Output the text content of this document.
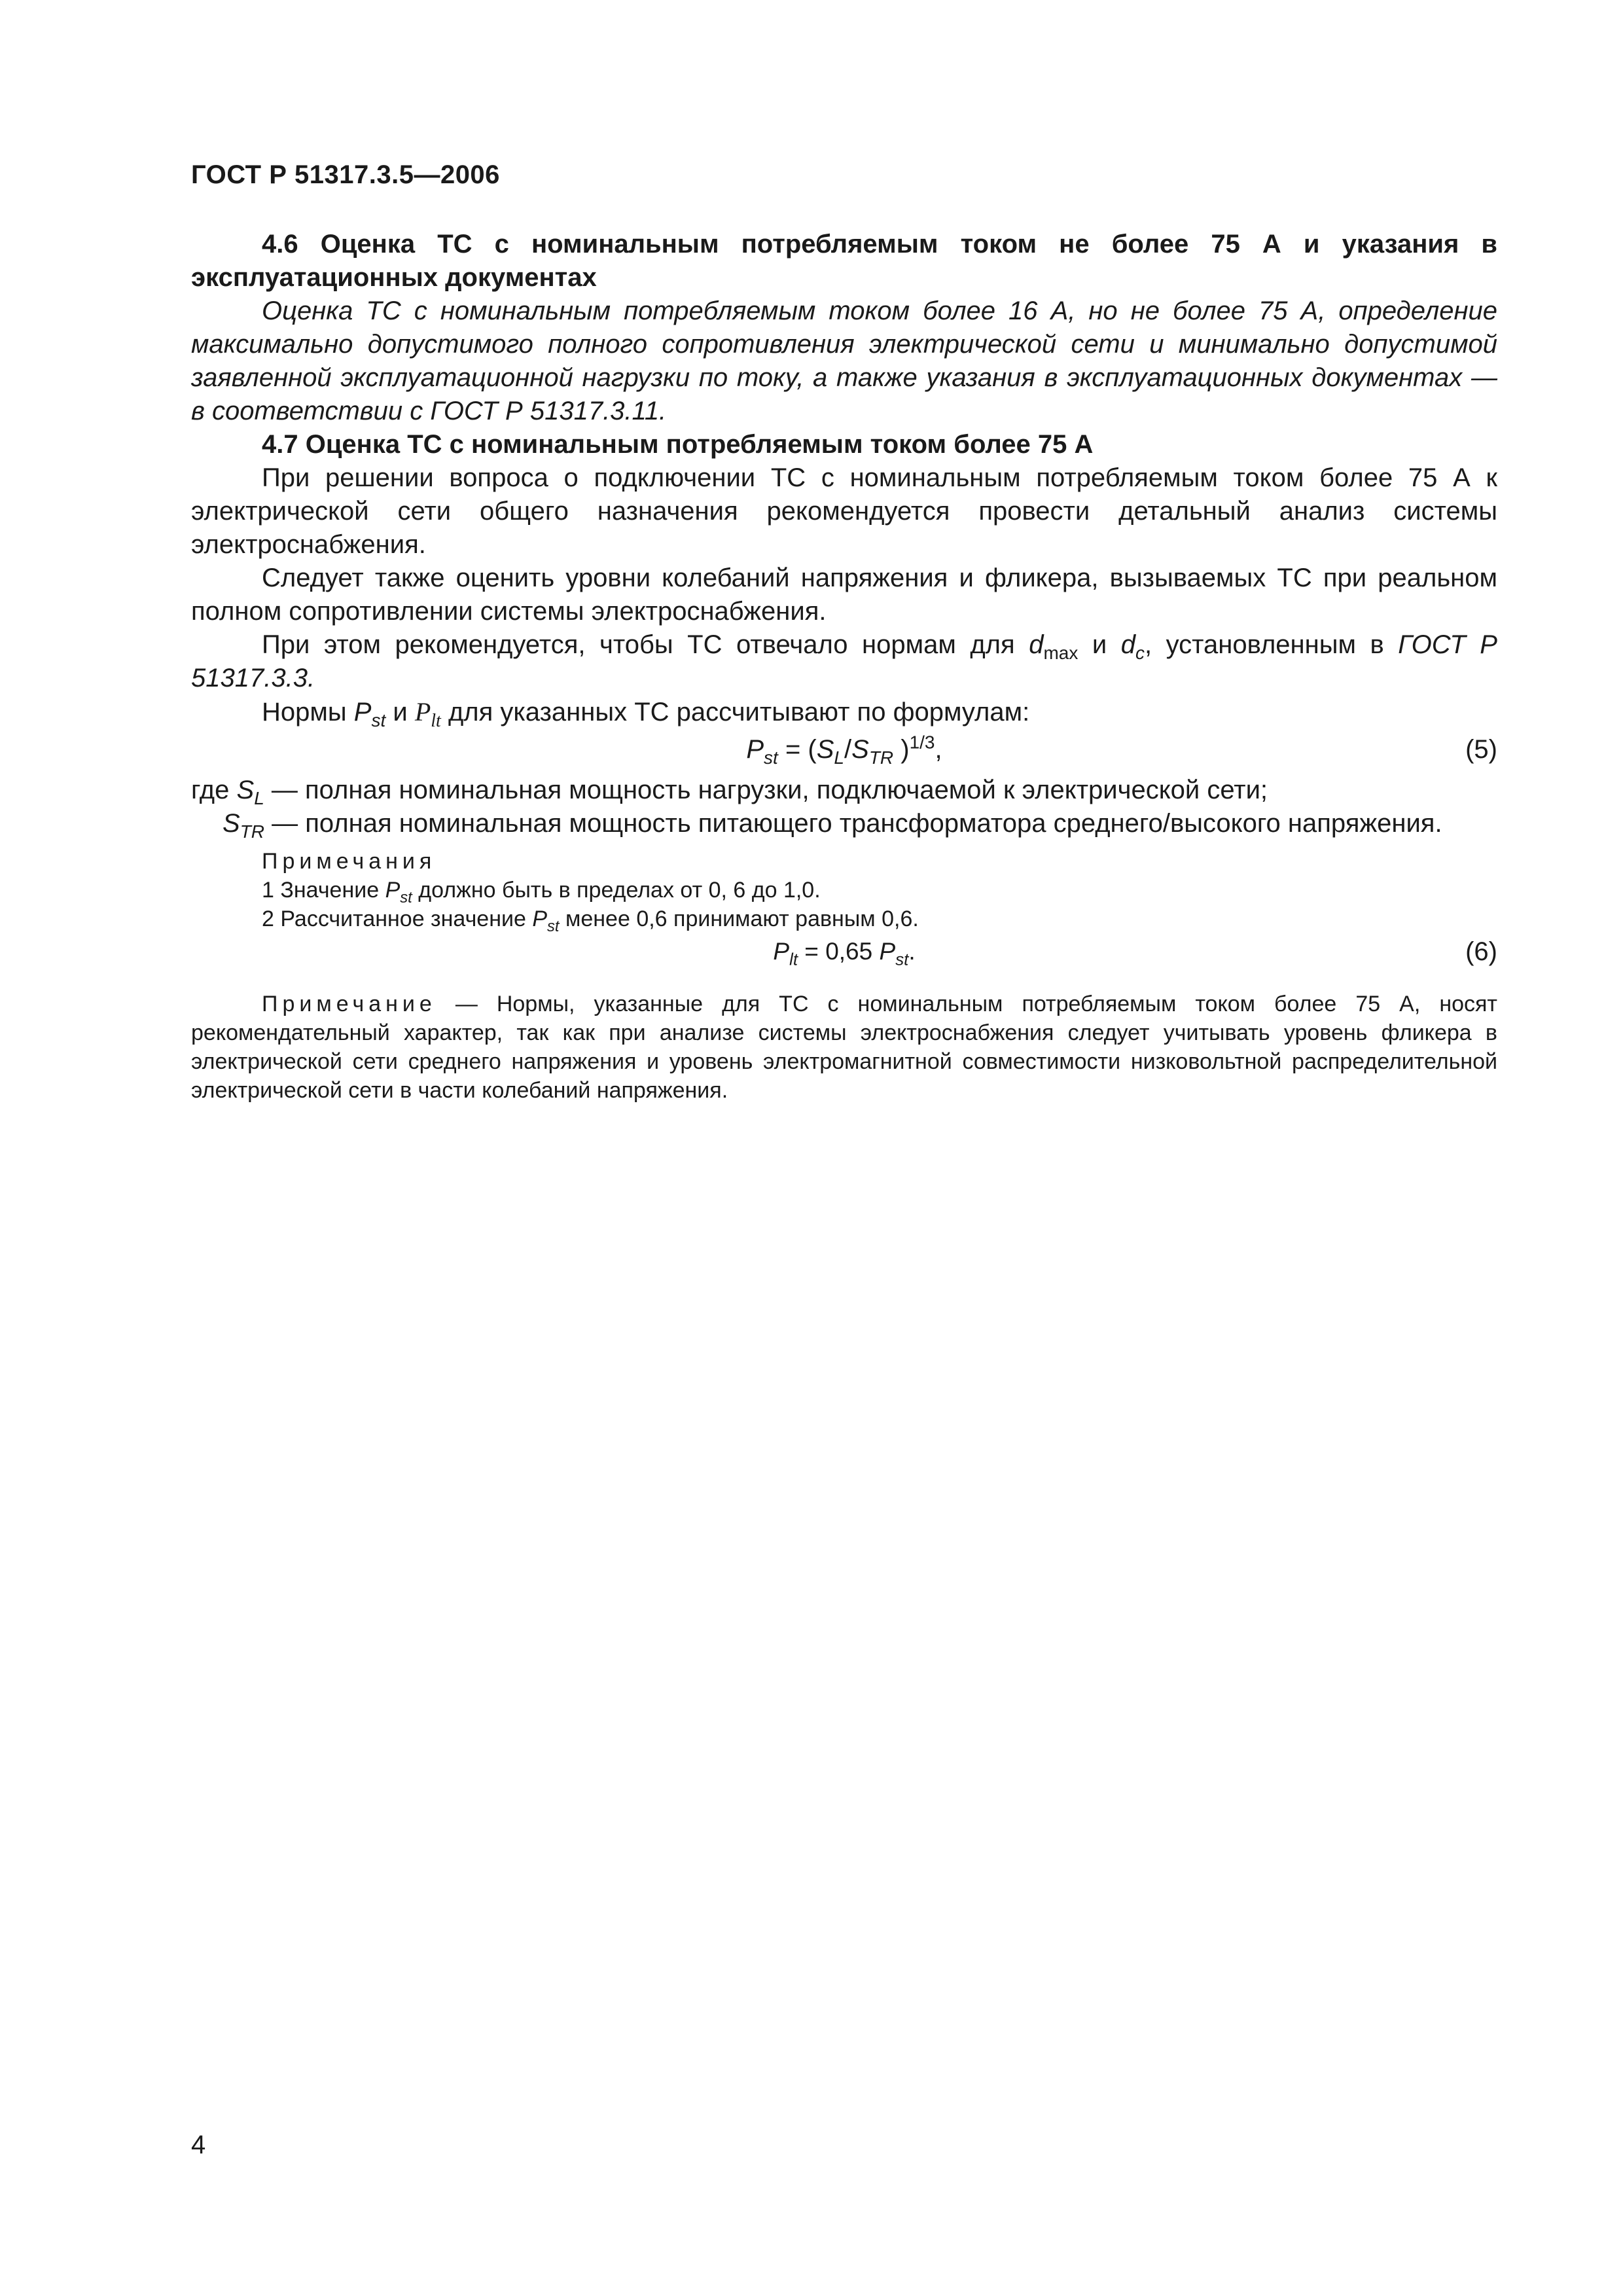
ГОСТ Р 51317.3.5—2006

4.6 Оценка ТС с номинальным потребляемым током не более 75 А и указания в эксплуатационных документах

Оценка ТС с номинальным потребляемым током более 16 А, но не более 75 А, определение максимально допустимого полного сопротивления электрической сети и минимально допустимой заявленной эксплуатационной нагрузки по току, а также указания в эксплуатационных документах — в соответствии с ГОСТ Р 51317.3.11.

4.7 Оценка ТС с номинальным потребляемым током более 75 А

При решении вопроса о подключении ТС с номинальным потребляемым током более 75 А к электрической сети общего назначения рекомендуется провести детальный анализ системы электроснабжения.

Следует также оценить уровни колебаний напряжения и фликера, вызываемых ТС при реальном полном сопротивлении системы электроснабжения.

При этом рекомендуется, чтобы ТС отвечало нормам для $d_{max}$ и $d_c$, установленным в ГОСТ Р 51317.3.3.

Нормы $P_{st}$ и $P_{lt}$ для указанных ТС рассчитывают по формулам:

$P_{st} = (S_L/S_{TR}$ )$^{1/3}$,	(5)

где $S_L$ — полная номинальная мощность нагрузки, подключаемой к электрической сети;

$S_{TR}$ — полная номинальная мощность питающего трансформатора среднего/высокого напряжения.

Примечания

1 Значение $P_{st}$ должно быть в пределах от 0, 6 до 1,0.

2 Рассчитанное значение $P_{st}$ менее 0,6 принимают равным 0,6.

$P_{lt} = 0,65$ $P_{st}$.	(6)

Примечание — Нормы, указанные для ТС с номинальным потребляемым током более 75 А, носят рекомендательный характер, так как при анализе системы электроснабжения следует учитывать уровень фликера в электрической сети среднего напряжения и уровень электромагнитной совместимости низковольтной распределительной электрической сети в части колебаний напряжения.

4
